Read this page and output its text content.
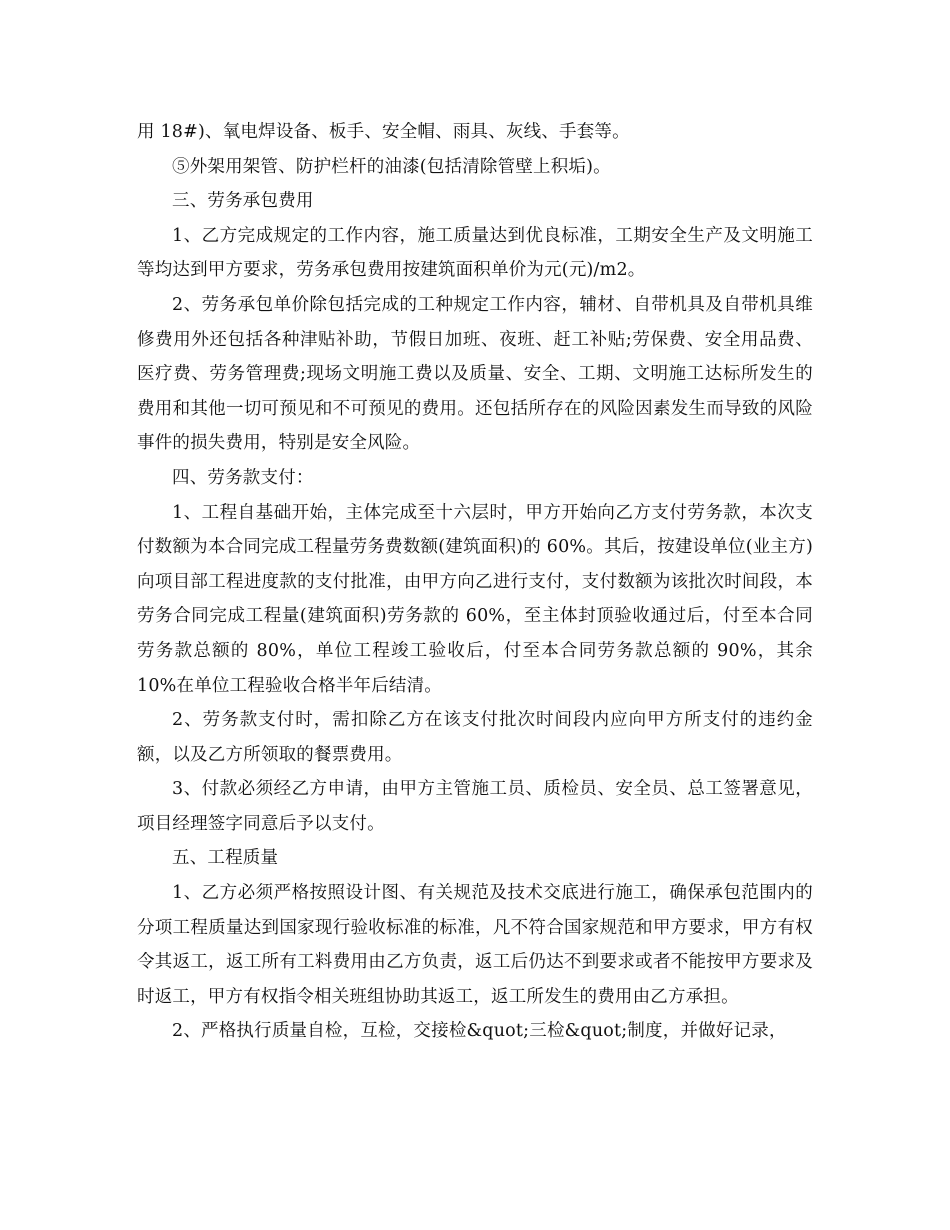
用 18#)、氧电焊设备、板手、安全帽、雨具、灰线、手套等。

⑤外架用架管、防护栏杆的油漆(包括清除管壁上积垢)。

三、劳务承包费用

1、乙方完成规定的工作内容，施工质量达到优良标准，工期安全生产及文明施工等均达到甲方要求，劳务承包费用按建筑面积单价为元(元)/m2。

2、劳务承包单价除包括完成的工种规定工作内容，辅材、自带机具及自带机具维修费用外还包括各种津贴补助，节假日加班、夜班、赶工补贴;劳保费、安全用品费、医疗费、劳务管理费;现场文明施工费以及质量、安全、工期、文明施工达标所发生的费用和其他一切可预见和不可预见的费用。还包括所存在的风险因素发生而导致的风险事件的损失费用，特别是安全风险。

四、劳务款支付：

1、工程自基础开始，主体完成至十六层时，甲方开始向乙方支付劳务款，本次支付数额为本合同完成工程量劳务费数额(建筑面积)的 60%。其后，按建设单位(业主方)向项目部工程进度款的支付批准，由甲方向乙进行支付，支付数额为该批次时间段，本劳务合同完成工程量(建筑面积)劳务款的 60%，至主体封顶验收通过后，付至本合同劳务款总额的 80%，单位工程竣工验收后，付至本合同劳务款总额的 90%，其余 10%在单位工程验收合格半年后结清。

2、劳务款支付时，需扣除乙方在该支付批次时间段内应向甲方所支付的违约金额，以及乙方所领取的餐票费用。

3、付款必须经乙方申请，由甲方主管施工员、质检员、安全员、总工签署意见，项目经理签字同意后予以支付。

五、工程质量

1、乙方必须严格按照设计图、有关规范及技术交底进行施工，确保承包范围内的分项工程质量达到国家现行验收标准的标准，凡不符合国家规范和甲方要求，甲方有权令其返工，返工所有工料费用由乙方负责，返工后仍达不到要求或者不能按甲方要求及时返工，甲方有权指令相关班组协助其返工，返工所发生的费用由乙方承担。

2、严格执行质量自检，互检，交接检&quot;三检&quot;制度，并做好记录，
